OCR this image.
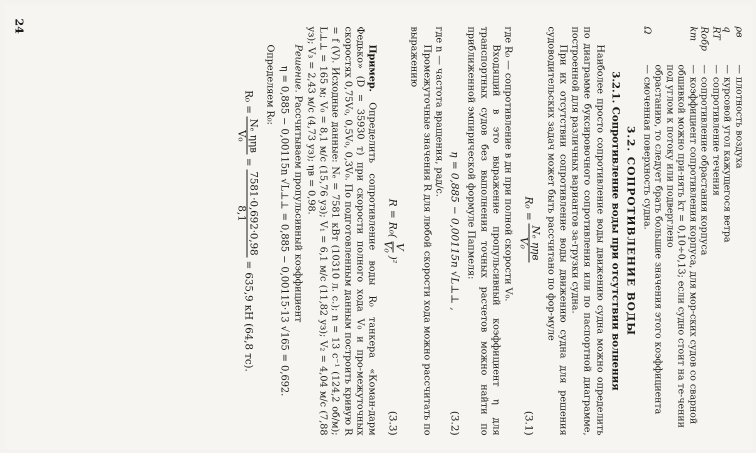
ρв
— плотность воздуха
q
— курсовой угол кажущегося ветра
RТ
— сопротивление течения
Rобр
— сопротивление обрастания корпуса
kт
— коэффициент сопротивления корпуса, для мор-ских судов со сварной обшивкой можно при-нять kт = 0,10÷0,13; если судно стоит на те-чении под углом к потоку или подверглено
обрастанию, то следует брать большие значения этого коэффициента
Ω
— смоченная поверхность судна.
3.2. СОПРОТИВЛЕНИЕ ВОДЫ
3.2.1. Сопротивление воды при отсутствии волнения

Наиболее просто сопротивление воды движению судна можно определить по диаграмме буксировочного сопротивления или по паспортной диаграмме, построенной для различных вариантов за-грузки судна.

При их отсутствии сопротивление воды движению судна для решения судоводительских задач может быть рассчитано по фор-муле

R₀ =
Nₑ ηηв
V₀
(3.1)

где R₀ — сопротивление в дн при полной скорости V₀.

Входящий в это выражение пропульсивный коэффициент η для транспортных судов без выполнения точных расчетов можно найти по приближенной эмпирической формуле Папмеля:

η = 0,885 − 0,00115n √L⊥⊥ ,
(3.2)

где n — частота вращения, рад/с.

Промежуточные значения R для любой скорости хода можно рассчитать по выражению

R = R₀
(
V
V₀
)
²
(3.3)

Пример. Определить сопротивление воды R₀ танкера «Коман-дарм Федько» (D = 35930 т) при скорости полного хода V₀ и про-межуточных скоростях 0,75V₀, 0,5V₀, 0,3V₀. По подготовленным данным построить кривую R = f (V). Исходные данные: Nₑ = 7581 кВт (10310 л. с.); n = 13 с⁻¹ (124,2 об/м); L⊥⊥ = 165 м; V₀ = 8,1 м/с (15,76 уз); V₁ = 6,1 м/с (11,82 уз); V₂ = 4,04 м/с (7,88 уз); V₃ = 2,43 м/с (4,73 уз); ηв = 0,98.

Решение. Рассчитываем пропульсивный коэффициент

η = 0,885 − 0,00115n √L⊥⊥ = 0,885 − 0,00115·13 √165 = 0,692.

Определяем R₀:

R₀ =
Nₑ ηηв
V₀
=
7581·0,692·0,98
8,1
= 635,9 кН (64,8 тс).
24
